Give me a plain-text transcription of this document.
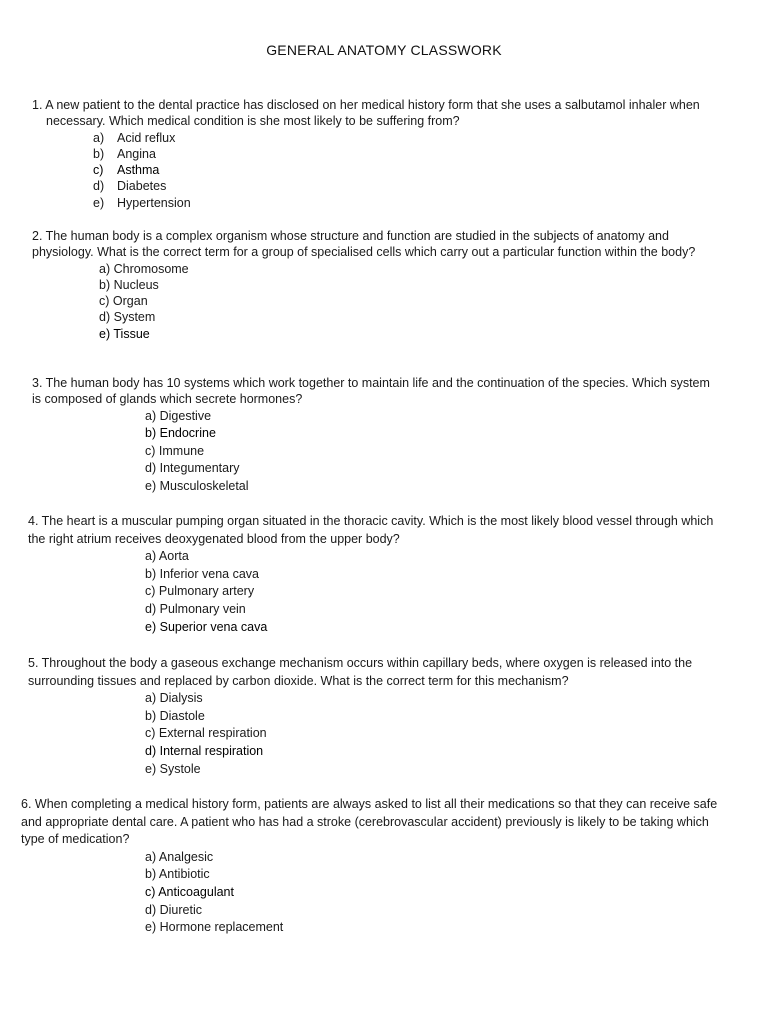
GENERAL ANATOMY CLASSWORK
1. A new patient to the dental practice has disclosed on her medical history form that she uses a salbutamol inhaler when necessary. Which medical condition is she most likely to be suffering from?
a) Acid reflux
b) Angina
c) Asthma
d) Diabetes
e) Hypertension
2. The human body is a complex organism whose structure and function are studied in the subjects of anatomy and physiology. What is the correct term for a group of specialised cells which carry out a particular function within the body?
a) Chromosome
b) Nucleus
c) Organ
d) System
e) Tissue
3. The human body has 10 systems which work together to maintain life and the continuation of the species. Which system is composed of glands which secrete hormones?
a) Digestive
b) Endocrine
c) Immune
d) Integumentary
e) Musculoskeletal
4. The heart is a muscular pumping organ situated in the thoracic cavity. Which is the most likely blood vessel through which the right atrium receives deoxygenated blood from the upper body?
a) Aorta
b) Inferior vena cava
c) Pulmonary artery
d) Pulmonary vein
e) Superior vena cava
5. Throughout the body a gaseous exchange mechanism occurs within capillary beds, where oxygen is released into the surrounding tissues and replaced by carbon dioxide. What is the correct term for this mechanism?
a) Dialysis
b) Diastole
c) External respiration
d) Internal respiration
e) Systole
6. When completing a medical history form, patients are always asked to list all their medications so that they can receive safe and appropriate dental care. A patient who has had a stroke (cerebrovascular accident) previously is likely to be taking which type of medication?
a) Analgesic
b) Antibiotic
c) Anticoagulant
d) Diuretic
e) Hormone replacement
